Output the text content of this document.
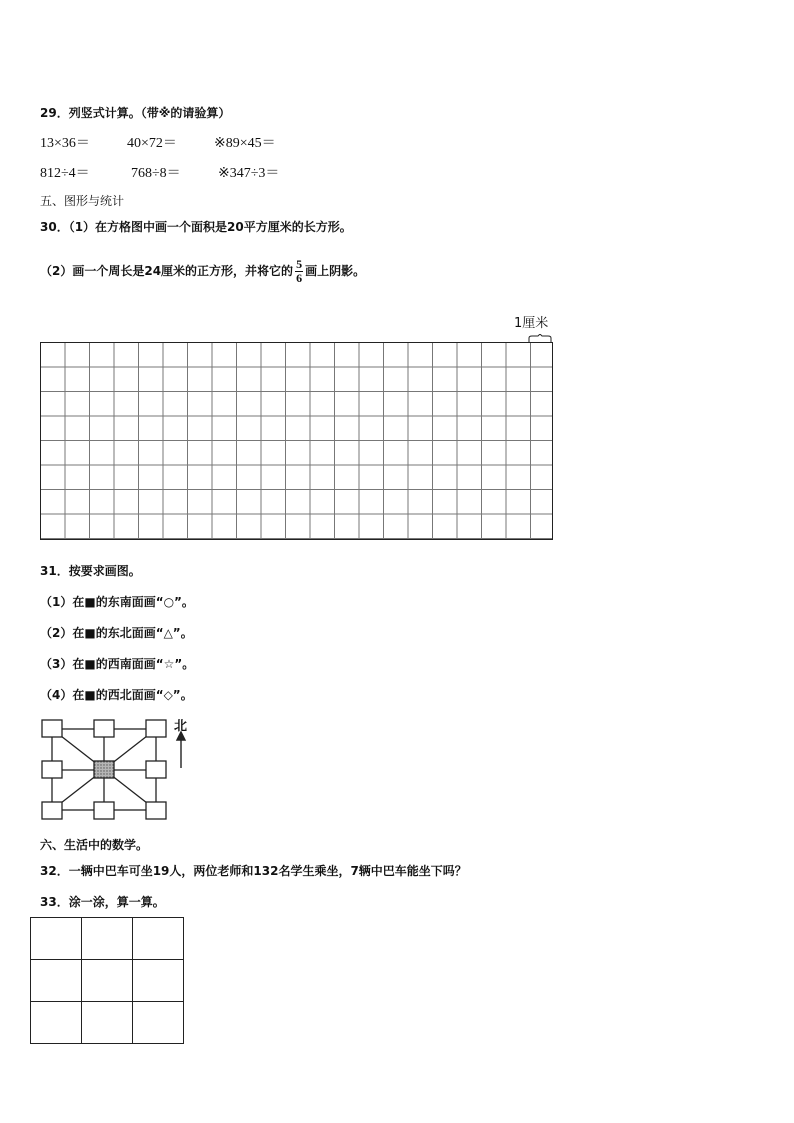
29．列竖式计算。（带※的请验算）
13×36＝	40×72＝	※89×45＝
812÷4＝	768÷8＝	※347÷3＝
五、图形与统计
30．（1）在方格图中画一个面积是20平方厘米的长方形。
（2）画一个周长是24厘米的正方形，并将它的 $\frac{5}{6}$ 画上阴影。
1厘米
31．按要求画图。
（1）在■的东南面画“○”。
（2）在■的东北面画“△”。
（3）在■的西南面画“☆”。
（4）在■的西北面画“◇”。
北
六、生活中的数学。
32．一辆中巴车可坐19人，两位老师和132名学生乘坐，7辆中巴车能坐下吗？
33．涂一涂，算一算。
